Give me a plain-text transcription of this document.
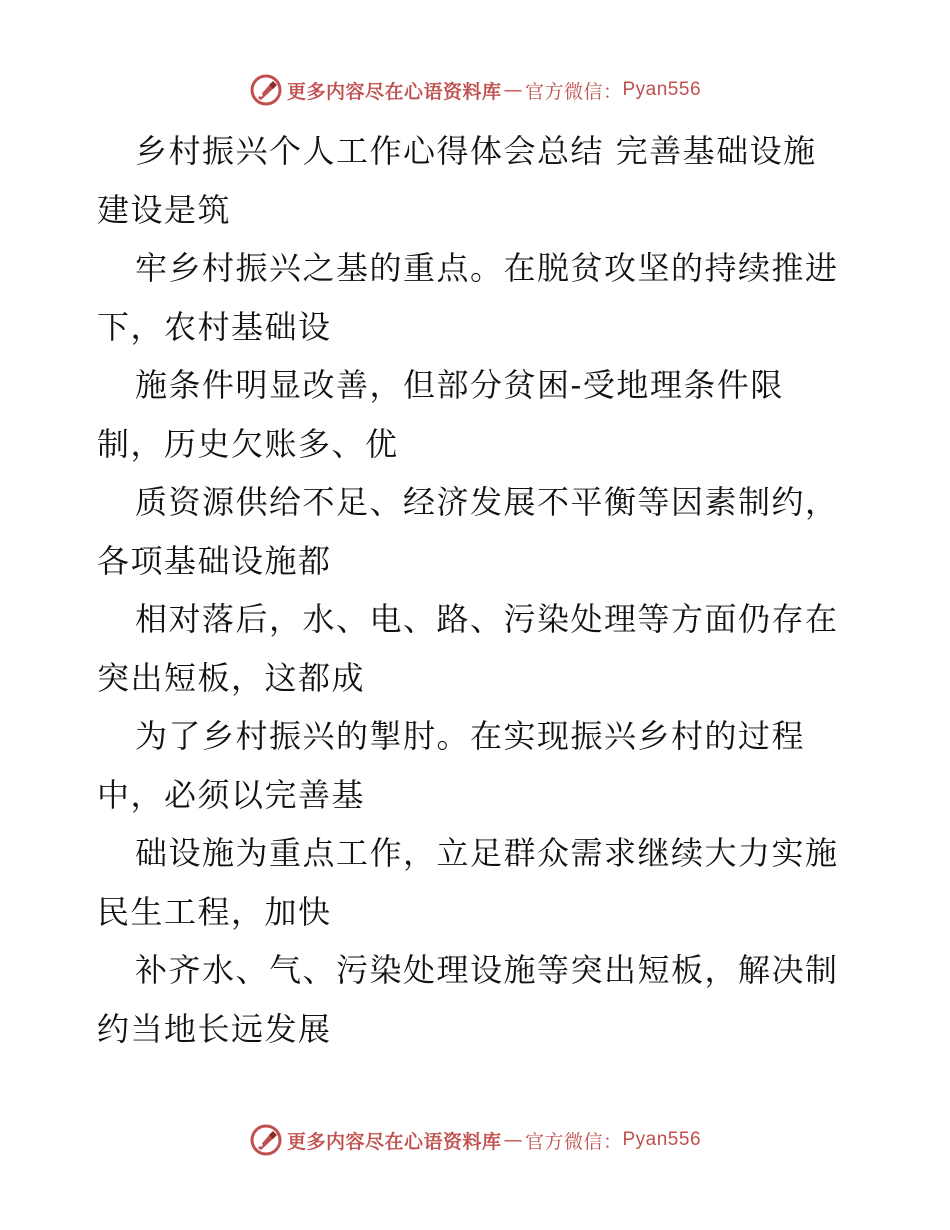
更多内容尽在心语资料库 — 官方微信： Pyan556
乡村振兴个人工作心得体会总结 完善基础设施
建设是筑
牢乡村振兴之基的重点。在脱贫攻坚的持续推进
下，农村基础设
施条件明显改善，但部分贫困-受地理条件限
制，历史欠账多、优
质资源供给不足、经济发展不平衡等因素制约，
各项基础设施都
相对落后，水、电、路、污染处理等方面仍存在
突出短板，这都成
为了乡村振兴的掣肘。在实现振兴乡村的过程
中，必须以完善基
础设施为重点工作，立足群众需求继续大力实施
民生工程，加快
补齐水、气、污染处理设施等突出短板，解决制
约当地长远发展
更多内容尽在心语资料库 — 官方微信： Pyan556
